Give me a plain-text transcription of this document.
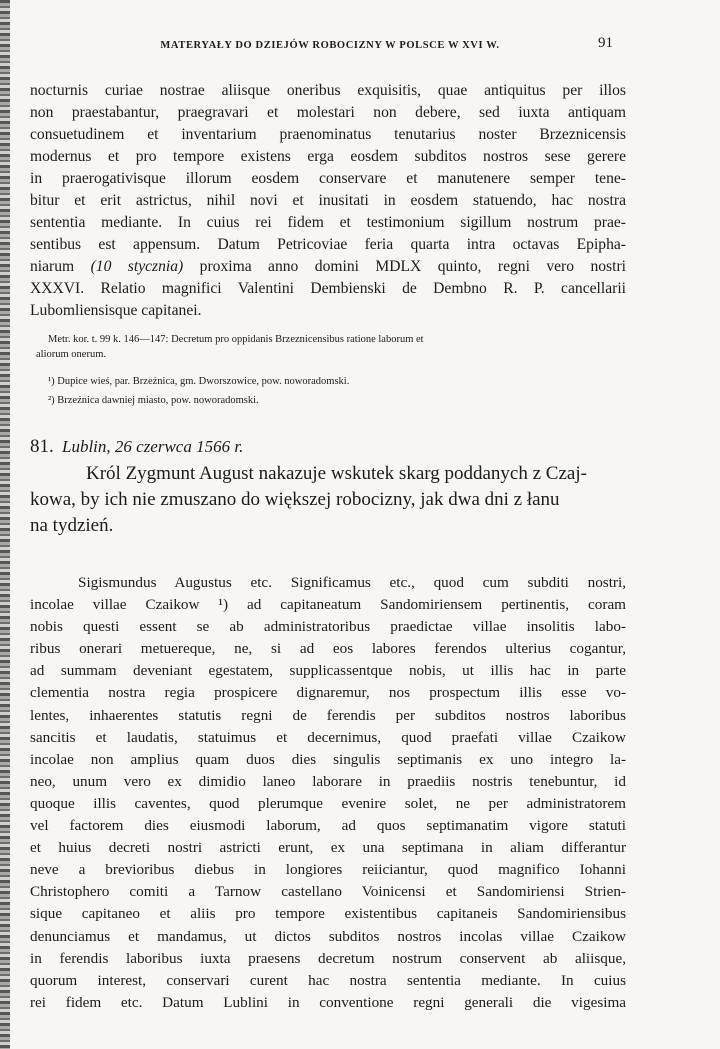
MATERYAŁY DO DZIEJÓW ROBOCIZNY W POLSCE W XVI W.	91
nocturnis curiae nostrae aliisque oneribus exquisitis, quae antiquitus per illos
non praestabantur, praegravari et molestari non debere, sed iuxta antiquam
consuetudinem et inventarium praenominatus tenutarius noster Brzeznicensis
modernus et pro tempore existens erga eosdem subditos nostros sese gerere
in praerogativisque illorum eosdem conservare et manutenere semper tene-
bitur et erit astrictus, nihil novi et inusitati in eosdem statuendo, hac nostra
sententia mediante. In cuius rei fidem et testimonium sigillum nostrum prae-
sentibus est appensum. Datum Petricoviae feria quarta intra octavas Epipha-
niarum (10 stycznia) proxima anno domini MDLX quinto, regni vero nostri
XXXVI. Relatio magnifici Valentini Dembienski de Dembno R. P. cancellarii
Lubomliensisque capitanei.
Metr. kor. t. 99 k. 146—147: Decretum pro oppidanis Brzeznicensibus ratione laborum et
aliorum onerum.
¹) Dupice wieś, par. Brzeźnica, gm. Dworszowice, pow. noworadomski.
²) Brzeźnica dawniej miasto, pow. noworadomski.
81. Lublin, 26 czerwca 1566 r.
Król Zygmunt August nakazuje wskutek skarg poddanych z Czaj-
kowa, by ich nie zmuszano do większej robocizny, jak dwa dni z łanu
na tydzień.
Sigismundus Augustus etc. Significamus etc., quod cum subditi nostri,
incolae villae Czaikow ¹) ad capitaneatum Sandomiriensem pertinentis, coram
nobis questi essent se ab administratoribus praedictae villae insolitis labo-
ribus onerari metuereque, ne, si ad eos labores ferendos ulterius cogantur,
ad summam deveniant egestatem, supplicassentque nobis, ut illis hac in parte
clementia nostra regia prospicere dignaremur, nos prospectum illis esse vo-
lentes, inhaerentes statutis regni de ferendis per subditos nostros laboribus
sancitis et laudatis, statuimus et decernimus, quod praefati villae Czaikow
incolae non amplius quam duos dies singulis septimanis ex uno integro la-
neo, unum vero ex dimidio laneo laborare in praediis nostris tenebuntur, id
quoque illis caventes, quod plerumque evenire solet, ne per administratorem
vel factorem dies eiusmodi laborum, ad quos septimanatim vigore statuti
et huius decreti nostri astricti erunt, ex una septimana in aliam differantur
neve a brevioribus diebus in longiores reiiciantur, quod magnifico Iohanni
Christophero comiti a Tarnow castellano Voinicensi et Sandomiriensi Strien-
sique capitaneo et aliis pro tempore existentibus capitaneis Sandomiriensibus
denunciamus et mandamus, ut dictos subditos nostros incolas villae Czaikow
in ferendis laboribus iuxta praesens decretum nostrum conservent ab aliisque,
quorum interest, conservari curent hac nostra sententia mediante. In cuius
rei fidem etc. Datum Lublini in conventione regni generali die vigesima
